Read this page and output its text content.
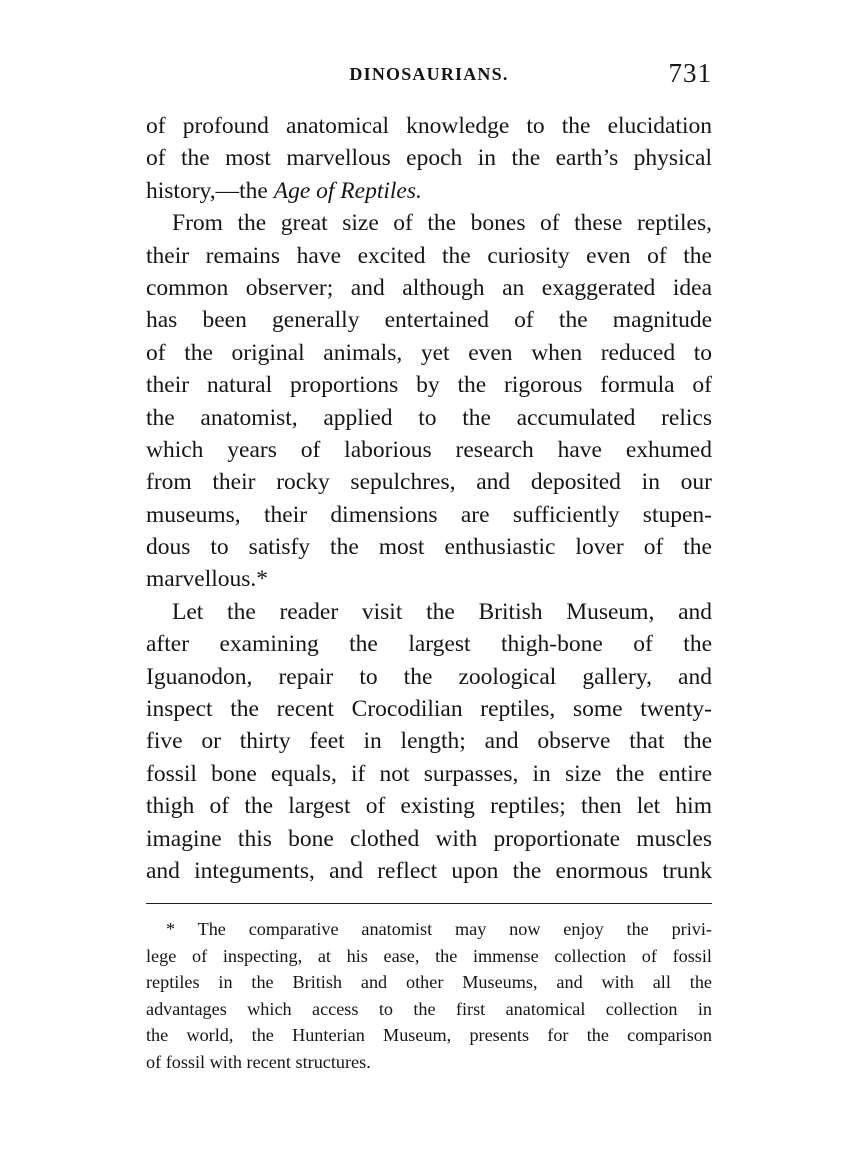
DINOSAURIANS.	731
of profound anatomical knowledge to the elucidation
of the most marvellous epoch in the earth’s physical
history,—the Age of Reptiles.
From the great size of the bones of these reptiles,
their remains have excited the curiosity even of the
common observer; and although an exaggerated idea
has been generally entertained of the magnitude
of the original animals, yet even when reduced to
their natural proportions by the rigorous formula of
the anatomist, applied to the accumulated relics
which years of laborious research have exhumed
from their rocky sepulchres, and deposited in our
museums, their dimensions are sufficiently stupen-
dous to satisfy the most enthusiastic lover of the
marvellous.*
Let the reader visit the British Museum, and
after examining the largest thigh-bone of the
Iguanodon, repair to the zoological gallery, and
inspect the recent Crocodilian reptiles, some twenty-
five or thirty feet in length; and observe that the
fossil bone equals, if not surpasses, in size the entire
thigh of the largest of existing reptiles; then let him
imagine this bone clothed with proportionate muscles
and integuments, and reflect upon the enormous trunk
* The comparative anatomist may now enjoy the privi-
lege of inspecting, at his ease, the immense collection of fossil
reptiles in the British and other Museums, and with all the
advantages which access to the first anatomical collection in
the world, the Hunterian Museum, presents for the comparison
of fossil with recent structures.
